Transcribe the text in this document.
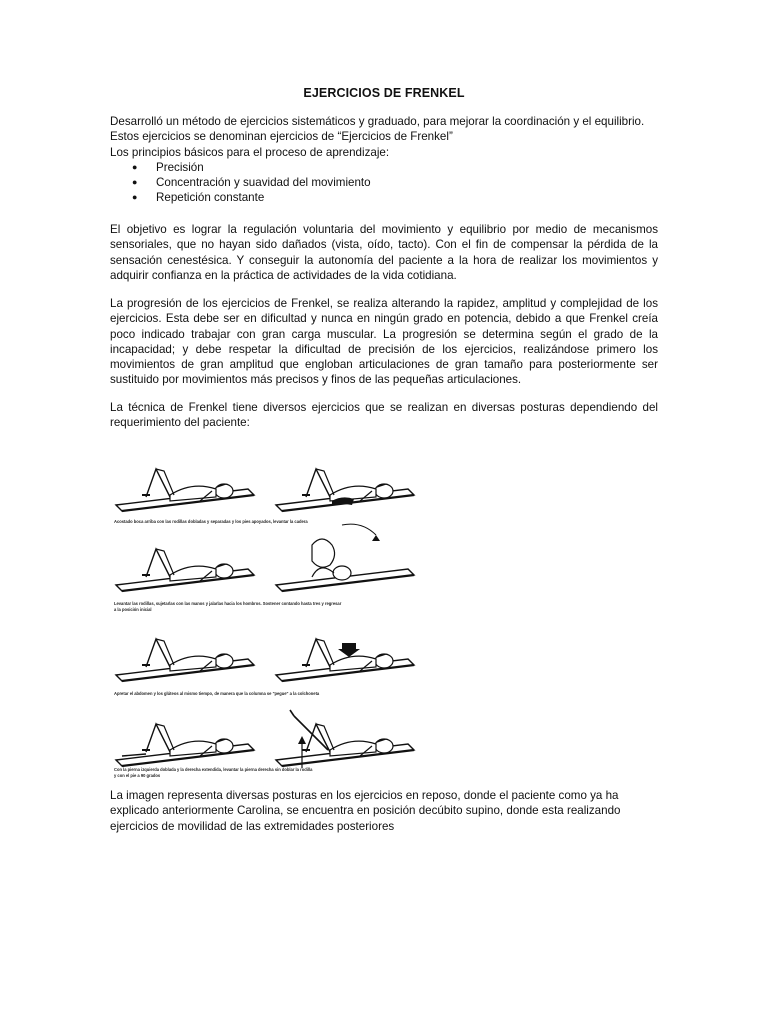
EJERCICIOS DE FRENKEL
Desarrolló un método de ejercicios sistemáticos y graduado, para mejorar la coordinación y el equilibrio.
Estos ejercicios se denominan ejercicios de “Ejercicios de Frenkel”
Los principios básicos para el proceso de aprendizaje:
● Precisión
● Concentración y suavidad del movimiento
● Repetición constante
El objetivo es lograr la regulación voluntaria del movimiento y equilibrio por medio de mecanismos sensoriales, que no hayan sido dañados (vista, oído, tacto). Con el fin de compensar la pérdida de la sensación cenestésica. Y conseguir la autonomía del paciente a la hora de realizar los movimientos y adquirir confianza en la práctica de actividades de la vida cotidiana.
La progresión de los ejercicios de Frenkel, se realiza alterando la rapidez, amplitud y complejidad de los ejercicios. Esta debe ser en dificultad y nunca en ningún grado en potencia, debido a que Frenkel creía poco indicado trabajar con gran carga muscular. La progresión se determina según el grado de la incapacidad; y debe respetar la dificultad de precisión de los ejercicios, realizándose primero los movimientos de gran amplitud que engloban articulaciones de gran tamaño para posteriormente ser sustituido por movimientos más precisos y finos de las pequeñas articulaciones.
La técnica de Frenkel tiene diversos ejercicios que se realizan en diversas posturas dependiendo del requerimiento del paciente:
Acostado boca arriba con las rodillas dobladas y separadas y los pies apoyados, levantar la cadera
Levantar las rodillas, sujetarlas con las manos y jalarlas hacia los hombros. Sostener contando hasta tres y regresar
a la posición inicial
Apretar el abdomen y los glúteos al mismo tiempo, de manera que la columna se "pegue" a la colchoneta
Con la pierna izquierda doblada y la derecha extendida, levantar la pierna derecha sin doblar la rodilla
y con el pie a 90 grados
La imagen representa diversas posturas en los ejercicios en reposo, donde el paciente como ya ha
explicado anteriormente Carolina, se encuentra en posición decúbito supino, donde esta realizando
ejercicios de movilidad de las extremidades posteriores
